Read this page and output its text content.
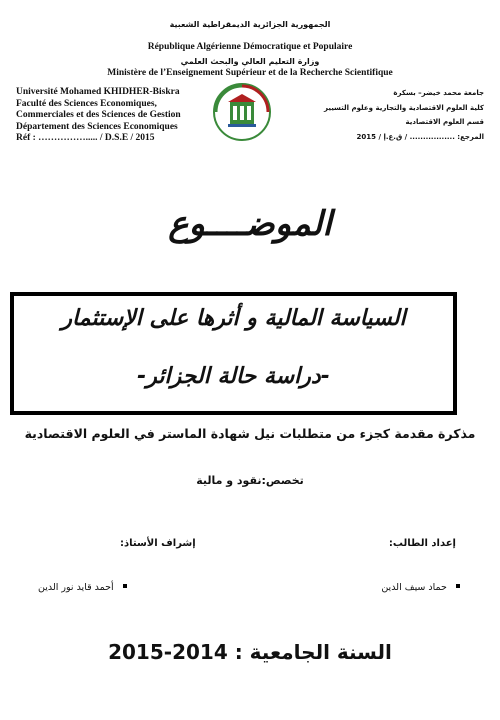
الجمهورية الجزائرية الديمقراطية الشعبية
République Algérienne Démocratique et Populaire
وزارة التعليم العالي والبحث العلمي
Ministère de l’Enseignement Supérieur et de la Recherche Scientifique
Université Mohamed KHIDHER-Biskra
Faculté des Sciences Economiques,
Commerciales et des Sciences de Gestion
Département des Sciences Economiques
Réf : ……………..... / D.S.E / 2015
جامعة محمد خيضر– بسكرة
كلية العلوم الاقتصادية والتجارية وعلوم التسيير
قسم العلوم الاقتصادية
المرجع: ................. / ق.ع.إ / 2015
الموضــــوع
السياسة المالية و أثرها على الإستثمار
-دراسة حالة الجزائر-
مذكرة مقدمة كجزء من متطلبات نيل شهادة الماستر في العلوم الاقتصادية
تخصص:نقود و مالية
إعداد الطالب:
حماد سيف الدين
إشراف الأستاذ:
أحمد قايد نور الدين
السنة الجامعية : 2014-2015
